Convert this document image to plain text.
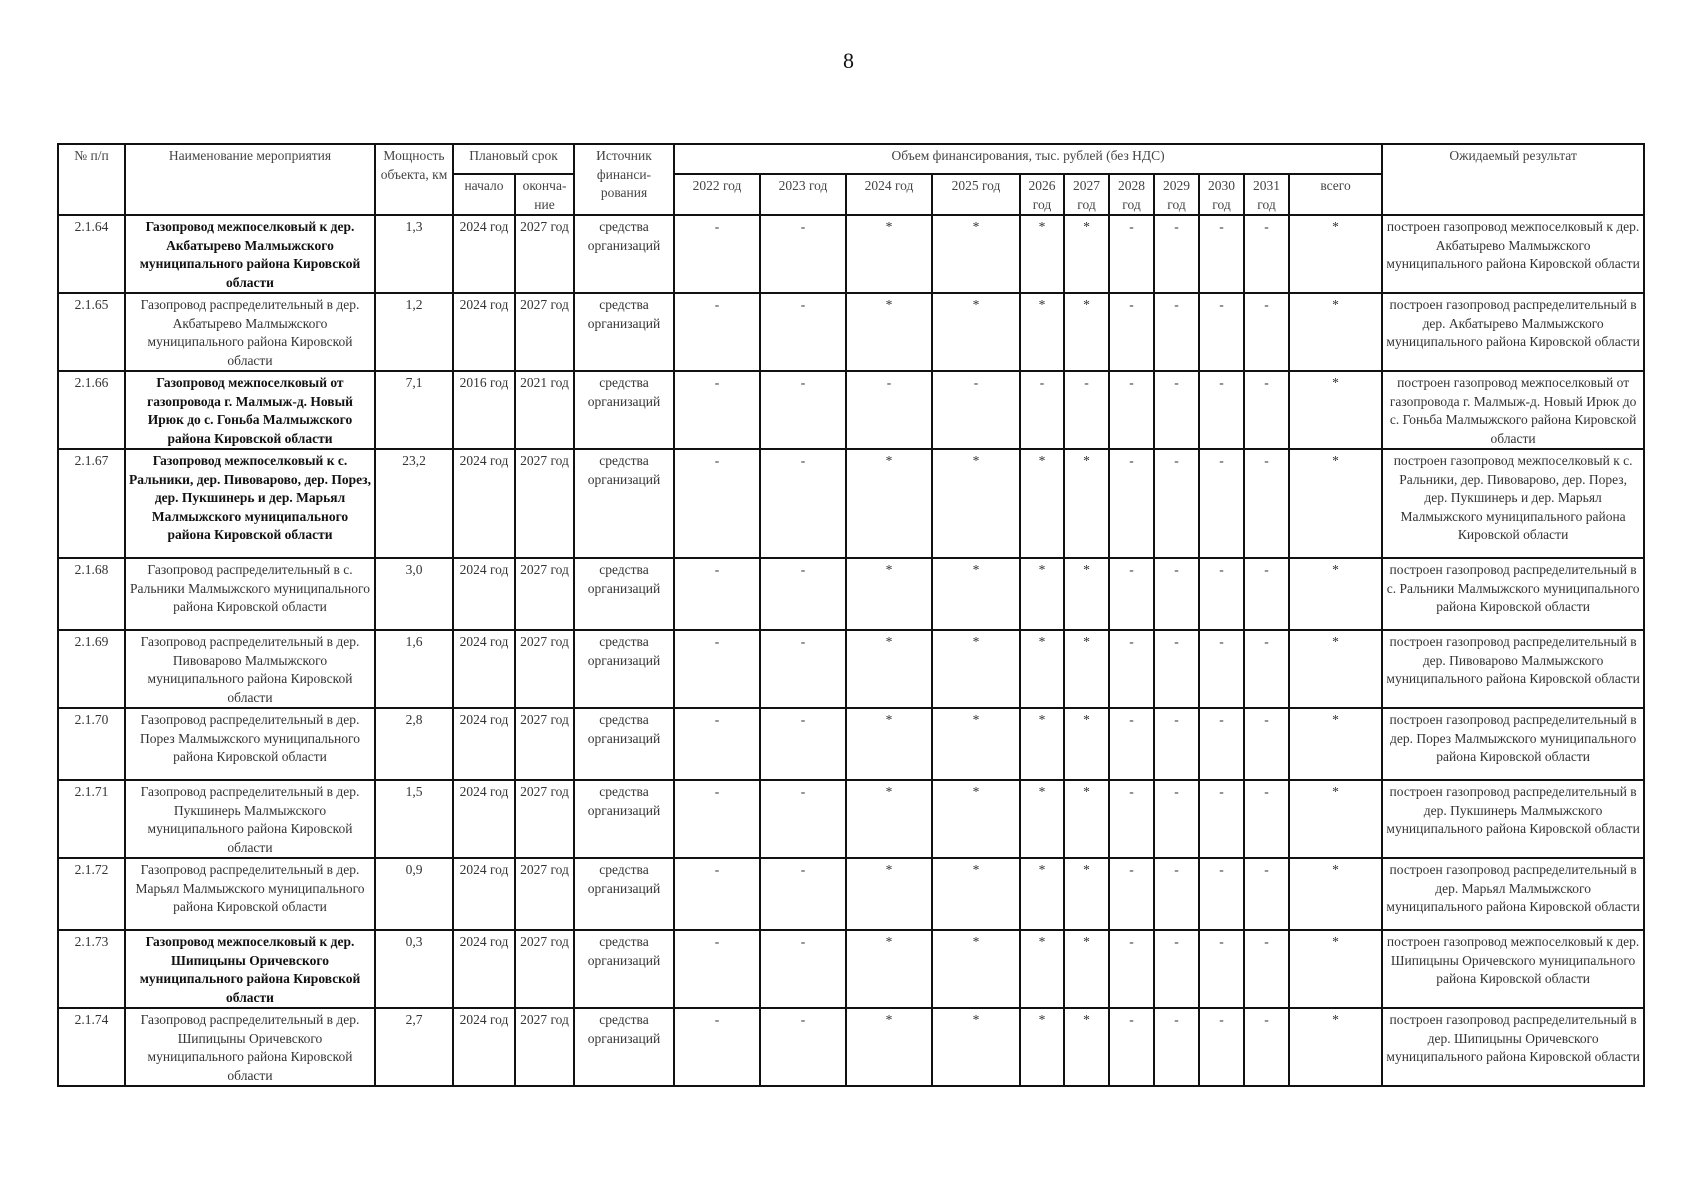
8
№ п/п	Наименование мероприятия	Мощность объекта, км	Плановый срок		Источник финанси-рования	Объем финансирования, тыс. рублей (без НДС)											Ожидаемый результат
			начало	оконча-ние		2022 год	2023 год	2024 год	2025 год	2026 год	2027 год	2028 год	2029 год	2030 год	2031 год	всего	
2.1.64	Газопровод межпоселковый к дер. Акбатырево Малмыжского муниципального района Кировской области	1,3	2024 год	2027 год	средства организаций	-	-	*	*	*	*	-	-	-	-	*	построен газопровод межпоселковый к дер. Акбатырево Малмыжского муниципального района Кировской области
2.1.65	Газопровод распределительный в дер. Акбатырево Малмыжского муниципального района Кировской области	1,2	2024 год	2027 год	средства организаций	-	-	*	*	*	*	-	-	-	-	*	построен газопровод распределительный в дер. Акбатырево Малмыжского муниципального района Кировской области
2.1.66	Газопровод межпоселковый от газопровода г. Малмыж-д. Новый Ирюк до с. Гоньба Малмыжского района Кировской области	7,1	2016 год	2021 год	средства организаций	-	-	-	-	-	-	-	-	-	-	*	построен газопровод межпоселковый от газопровода г. Малмыж-д. Новый Ирюк до с. Гоньба Малмыжского района Кировской области
2.1.67	Газопровод межпоселковый к с. Ральники, дер. Пивоварово, дер. Порез, дер. Пукшинерь и дер. Марьял Малмыжского муниципального района Кировской области	23,2	2024 год	2027 год	средства организаций	-	-	*	*	*	*	-	-	-	-	*	построен газопровод межпоселковый к с. Ральники, дер. Пивоварово, дер. Порез, дер. Пукшинерь и дер. Марьял Малмыжского муниципального района Кировской области
2.1.68	Газопровод распределительный в с. Ральники Малмыжского муниципального района Кировской области	3,0	2024 год	2027 год	средства организаций	-	-	*	*	*	*	-	-	-	-	*	построен газопровод распределительный в с. Ральники Малмыжского муниципального района Кировской области
2.1.69	Газопровод распределительный в дер. Пивоварово Малмыжского муниципального района Кировской области	1,6	2024 год	2027 год	средства организаций	-	-	*	*	*	*	-	-	-	-	*	построен газопровод распределительный в дер. Пивоварово Малмыжского муниципального района Кировской области
2.1.70	Газопровод распределительный в дер. Порез Малмыжского муниципального района Кировской области	2,8	2024 год	2027 год	средства организаций	-	-	*	*	*	*	-	-	-	-	*	построен газопровод распределительный в дер. Порез Малмыжского муниципального района Кировской области
2.1.71	Газопровод распределительный в дер. Пукшинерь Малмыжского муниципального района Кировской области	1,5	2024 год	2027 год	средства организаций	-	-	*	*	*	*	-	-	-	-	*	построен газопровод распределительный в дер. Пукшинерь Малмыжского муниципального района Кировской области
2.1.72	Газопровод распределительный в дер. Марьял Малмыжского муниципального района Кировской области	0,9	2024 год	2027 год	средства организаций	-	-	*	*	*	*	-	-	-	-	*	построен газопровод распределительный в дер. Марьял Малмыжского муниципального района Кировской области
2.1.73	Газопровод межпоселковый к дер. Шипицыны Оричевского муниципального района Кировской области	0,3	2024 год	2027 год	средства организаций	-	-	*	*	*	*	-	-	-	-	*	построен газопровод межпоселковый к дер. Шипицыны Оричевского муниципального района Кировской области
2.1.74	Газопровод распределительный в дер. Шипицыны Оричевского муниципального района Кировской области	2,7	2024 год	2027 год	средства организаций	-	-	*	*	*	*	-	-	-	-	*	построен газопровод распределительный в дер. Шипицыны Оричевского муниципального района Кировской области
